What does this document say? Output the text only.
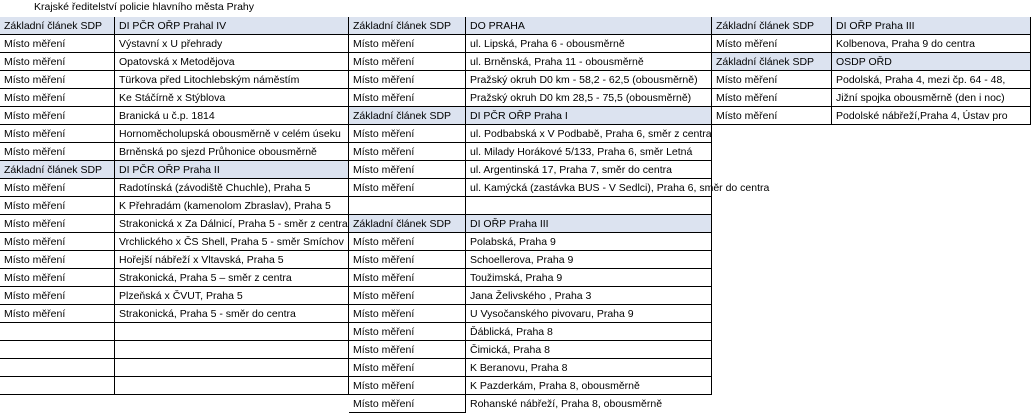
Krajské ředitelství policie hlavního města Prahy
Základní článek SDP	DI PČR OŘP Prahal IV
Místo měření	Výstavní x U přehrady
Místo měření	Opatovská x Metodějova
Místo měření	Türkova před Litochlebským náměstím
Místo měření	Ke Stáčírně x Stýblova
Místo měření	Branická u č.p. 1814
Místo měření	Hornoměcholupská obousměrně v celém úseku
Místo měření	Brněnská po sjezd Průhonice obousměrně
Základní článek SDP	DI PČR OŘP Praha II
Místo měření	Radotínská (závodiště Chuchle), Praha 5
Místo měření	K Přehradám (kamenolom Zbraslav), Praha 5
Místo měření	Strakonická x Za Dálnicí, Praha 5 - směr z centra
Místo měření	Vrchlického x ČS Shell, Praha 5 - směr Smíchov
Místo měření	Hořejší nábřeží x Vltavská, Praha 5
Místo měření	Strakonická, Praha 5 – směr z centra
Místo měření	Plzeňská x ČVUT, Praha 5
Místo měření	Strakonická, Praha 5 - směr do centra
Základní článek SDP	DO PRAHA
Místo měření	ul. Lipská, Praha 6 - obousměrně
Místo měření	ul. Brněnská, Praha 11 - obousměrně
Místo měření	Pražský okruh D0 km - 58,2 - 62,5 (obousměrně)
Místo měření	Pražský okruh D0 km 28,5 - 75,5 (obousměrně)
Základní článek SDP	DI PČR OŘP Praha I
Místo měření	ul. Podbabská x V Podbabě, Praha 6, směr z centra
Místo měření	ul. Milady Horákové 5/133, Praha 6, směr Letná
Místo měření	ul. Argentinská 17, Praha 7, směr do centra
Místo měření	ul. Kamýcká (zastávka BUS - V Sedlci), Praha 6, směr do centra
Základní článek SDP	DI OŘP Praha III
Místo měření	Polabská, Praha 9
Místo měření	Schoellerova, Praha 9
Místo měření	Toužimská, Praha 9
Místo měření	Jana Želivského , Praha 3
Místo měření	U Vysočanského pivovaru, Praha 9
Místo měření	Ďáblická, Praha 8
Místo měření	Čimická, Praha 8
Místo měření	K Beranovu, Praha 8
Místo měření	K Pazderkám, Praha 8, obousměrně
Místo měření	Rohanské nábřeží, Praha 8, obousměrně
Základní článek SDP	DI OŘP Praha III
Místo měření	Kolbenova, Praha 9 do centra
Základní článek SDP	OSDP OŘD
Místo měření	Podolská, Praha 4, mezi čp. 64 - 48,
Místo měření	Jižní spojka obousměrně (den i noc)
Místo měření	Podolské nábřeží,Praha 4, Ústav pro
